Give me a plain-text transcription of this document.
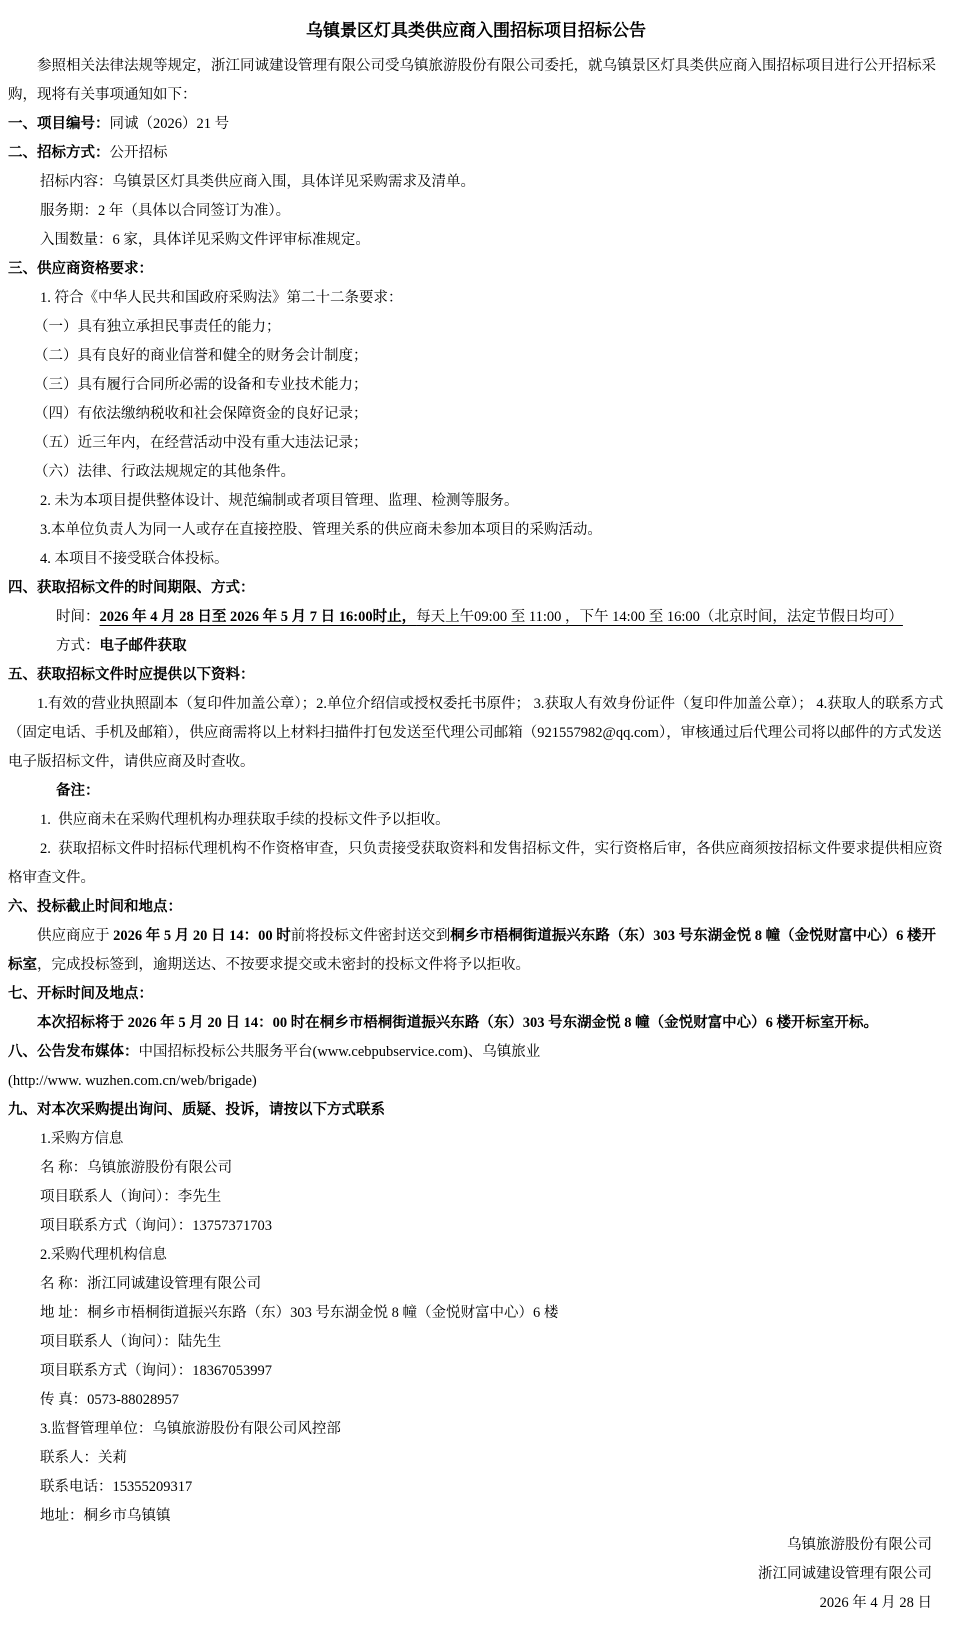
乌镇景区灯具类供应商入围招标项目招标公告

参照相关法律法规等规定，浙江同诚建设管理有限公司受乌镇旅游股份有限公司委托，就乌镇景区灯具类供应商入围招标项目进行公开招标采购，现将有关事项通知如下：

一、项目编号：同诚（2026）21 号

二、招标方式：公开招标

招标内容：乌镇景区灯具类供应商入围，具体详见采购需求及清单。

服务期：2 年（具体以合同签订为准）。

入围数量：6 家，具体详见采购文件评审标准规定。

三、供应商资格要求：

1. 符合《中华人民共和国政府采购法》第二十二条要求：

（一）具有独立承担民事责任的能力；

（二）具有良好的商业信誉和健全的财务会计制度；

（三）具有履行合同所必需的设备和专业技术能力；

（四）有依法缴纳税收和社会保障资金的良好记录；

（五）近三年内，在经营活动中没有重大违法记录；

（六）法律、行政法规规定的其他条件。

2. 未为本项目提供整体设计、规范编制或者项目管理、监理、检测等服务。

3.本单位负责人为同一人或存在直接控股、管理关系的供应商未参加本项目的采购活动。

4. 本项目不接受联合体投标。

四、获取招标文件的时间期限、方式：

时间：2026 年 4 月 28 日至 2026 年 5 月 7 日 16:00时止，每天上午09:00 至 11:00 ，下午 14:00 至 16:00（北京时间，法定节假日均可）

方式：电子邮件获取

五、获取招标文件时应提供以下资料：

1.有效的营业执照副本（复印件加盖公章）；2.单位介绍信或授权委托书原件； 3.获取人有效身份证件（复印件加盖公章）； 4.获取人的联系方式（固定电话、手机及邮箱），供应商需将以上材料扫描件打包发送至代理公司邮箱（921557982@qq.com），审核通过后代理公司将以邮件的方式发送电子版招标文件，请供应商及时查收。

备注：

1.  供应商未在采购代理机构办理获取手续的投标文件予以拒收。

2.  获取招标文件时招标代理机构不作资格审查，只负责接受获取资料和发售招标文件，实行资格后审，各供应商须按招标文件要求提供相应资格审查文件。

六、投标截止时间和地点：

供应商应于 2026 年 5 月 20 日 14：00 时前将投标文件密封送交到桐乡市梧桐街道振兴东路（东）303 号东湖金悦 8 幢（金悦财富中心）6 楼开标室，完成投标签到，逾期送达、不按要求提交或未密封的投标文件将予以拒收。

七、开标时间及地点：

本次招标将于 2026 年 5 月 20 日 14：00 时在桐乡市梧桐街道振兴东路（东）303 号东湖金悦 8 幢（金悦财富中心）6 楼开标室开标。

八、公告发布媒体：中国招标投标公共服务平台(www.cebpubservice.com)、乌镇旅业

(http://www. wuzhen.com.cn/web/brigade)

九、对本次采购提出询问、质疑、投诉，请按以下方式联系

1.采购方信息

名 称：乌镇旅游股份有限公司

项目联系人（询问）：李先生

项目联系方式（询问）：13757371703

2.采购代理机构信息

名 称：浙江同诚建设管理有限公司

地 址：桐乡市梧桐街道振兴东路（东）303 号东湖金悦 8 幢（金悦财富中心）6 楼

项目联系人（询问）：陆先生

项目联系方式（询问）：18367053997

传 真：0573-88028957

3.监督管理单位：乌镇旅游股份有限公司风控部

联系人：关莉

联系电话：15355209317

地址：桐乡市乌镇镇

乌镇旅游股份有限公司

浙江同诚建设管理有限公司

2026 年 4 月 28 日
